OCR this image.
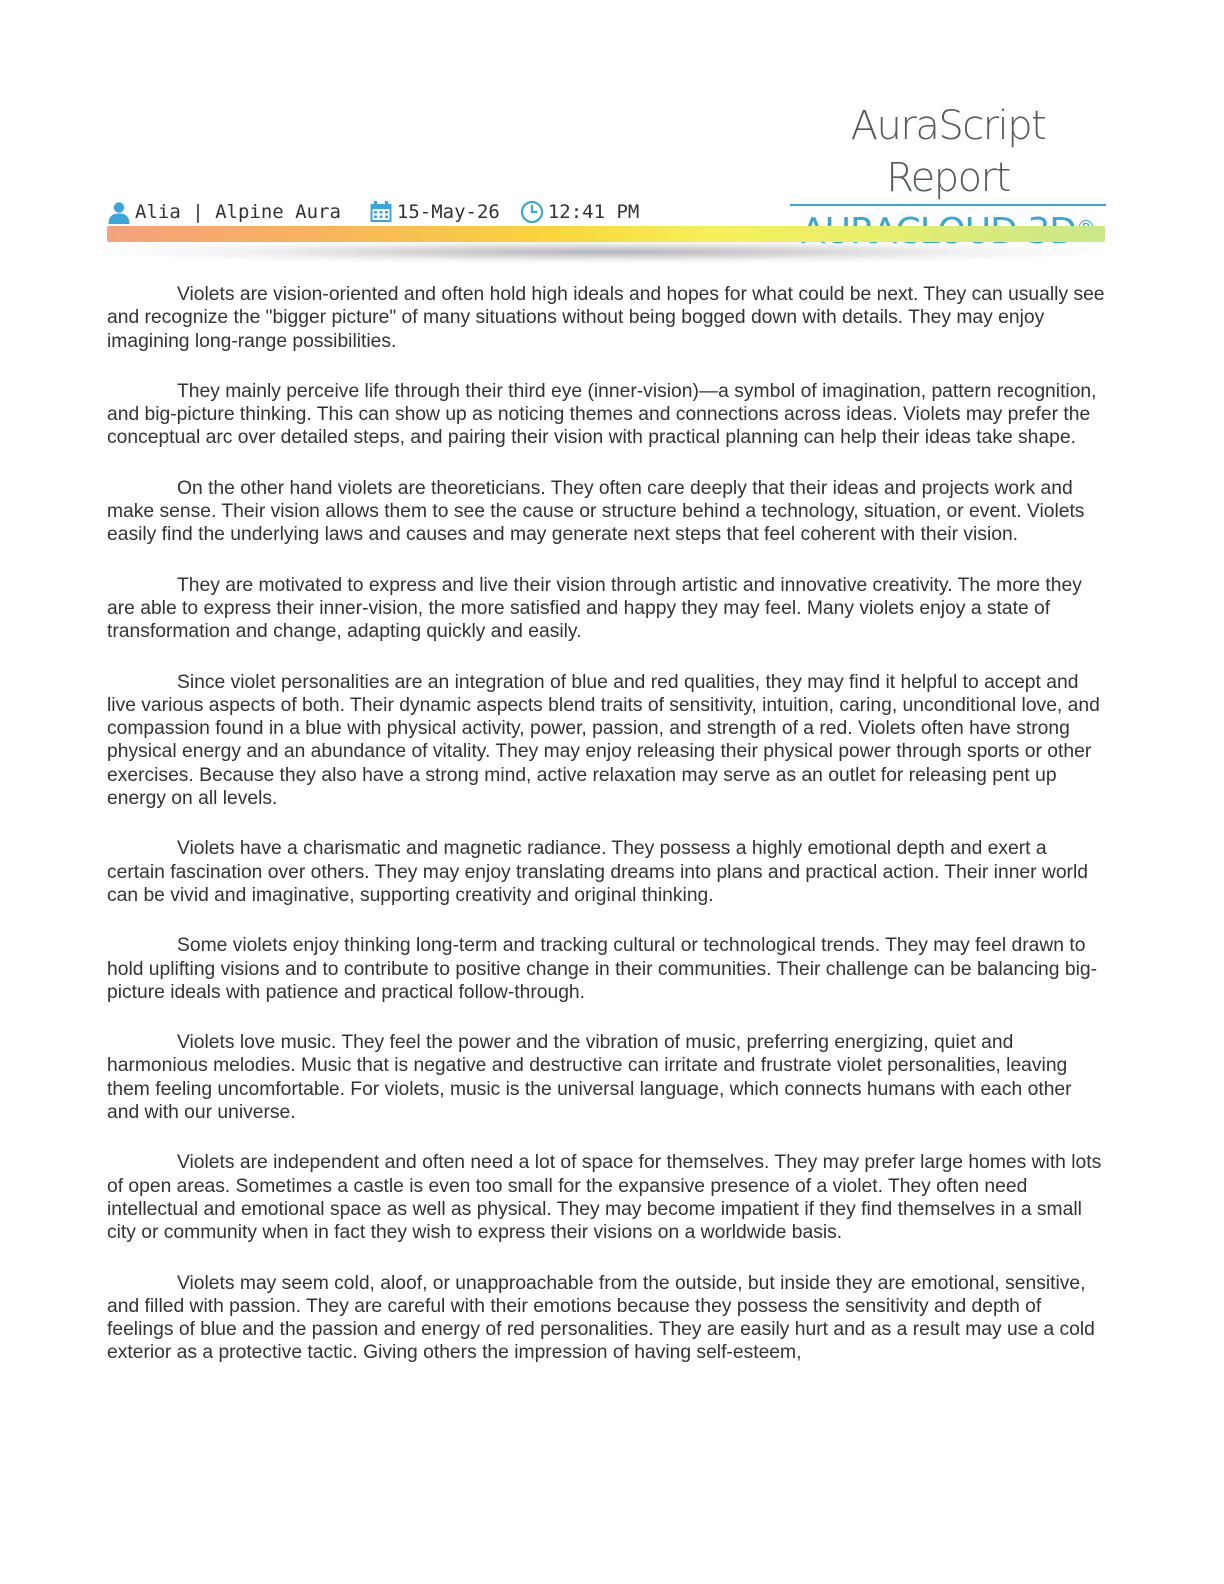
AuraScript Report
Alia | Alpine Aura	15-May-26	12:41 PM

Violets are vision-oriented and often hold high ideals and hopes for what could be next. They can usually see and recognize the "bigger picture" of many situations without being bogged down with details. They may enjoy imagining long-range possibilities.

They mainly perceive life through their third eye (inner-vision)—a symbol of imagination, pattern recognition, and big-picture thinking. This can show up as noticing themes and connections across ideas. Violets may prefer the conceptual arc over detailed steps, and pairing their vision with practical planning can help their ideas take shape.

On the other hand violets are theoreticians. They often care deeply that their ideas and projects work and make sense. Their vision allows them to see the cause or structure behind a technology, situation, or event. Violets easily find the underlying laws and causes and may generate next steps that feel coherent with their vision.

They are motivated to express and live their vision through artistic and innovative creativity. The more they are able to express their inner-vision, the more satisfied and happy they may feel. Many violets enjoy a state of transformation and change, adapting quickly and easily.

Since violet personalities are an integration of blue and red qualities, they may find it helpful to accept and live various aspects of both. Their dynamic aspects blend traits of sensitivity, intuition, caring, unconditional love, and compassion found in a blue with physical activity, power, passion, and strength of a red. Violets often have strong physical energy and an abundance of vitality. They may enjoy releasing their physical power through sports or other exercises. Because they also have a strong mind, active relaxation may serve as an outlet for releasing pent up energy on all levels.

Violets have a charismatic and magnetic radiance. They possess a highly emotional depth and exert a certain fascination over others. They may enjoy translating dreams into plans and practical action. Their inner world can be vivid and imaginative, supporting creativity and original thinking.

Some violets enjoy thinking long-term and tracking cultural or technological trends. They may feel drawn to hold uplifting visions and to contribute to positive change in their communities. Their challenge can be balancing big-picture ideals with patience and practical follow-through.

Violets love music. They feel the power and the vibration of music, preferring energizing, quiet and harmonious melodies. Music that is negative and destructive can irritate and frustrate violet personalities, leaving them feeling uncomfortable. For violets, music is the universal language, which connects humans with each other and with our universe.

Violets are independent and often need a lot of space for themselves. They may prefer large homes with lots of open areas. Sometimes a castle is even too small for the expansive presence of a violet. They often need intellectual and emotional space as well as physical. They may become impatient if they find themselves in a small city or community when in fact they wish to express their visions on a worldwide basis.

Violets may seem cold, aloof, or unapproachable from the outside, but inside they are emotional, sensitive, and filled with passion. They are careful with their emotions because they possess the sensitivity and depth of feelings of blue and the passion and energy of red personalities. They are easily hurt and as a result may use a cold exterior as a protective tactic. Giving others the impression of having self-esteem,
